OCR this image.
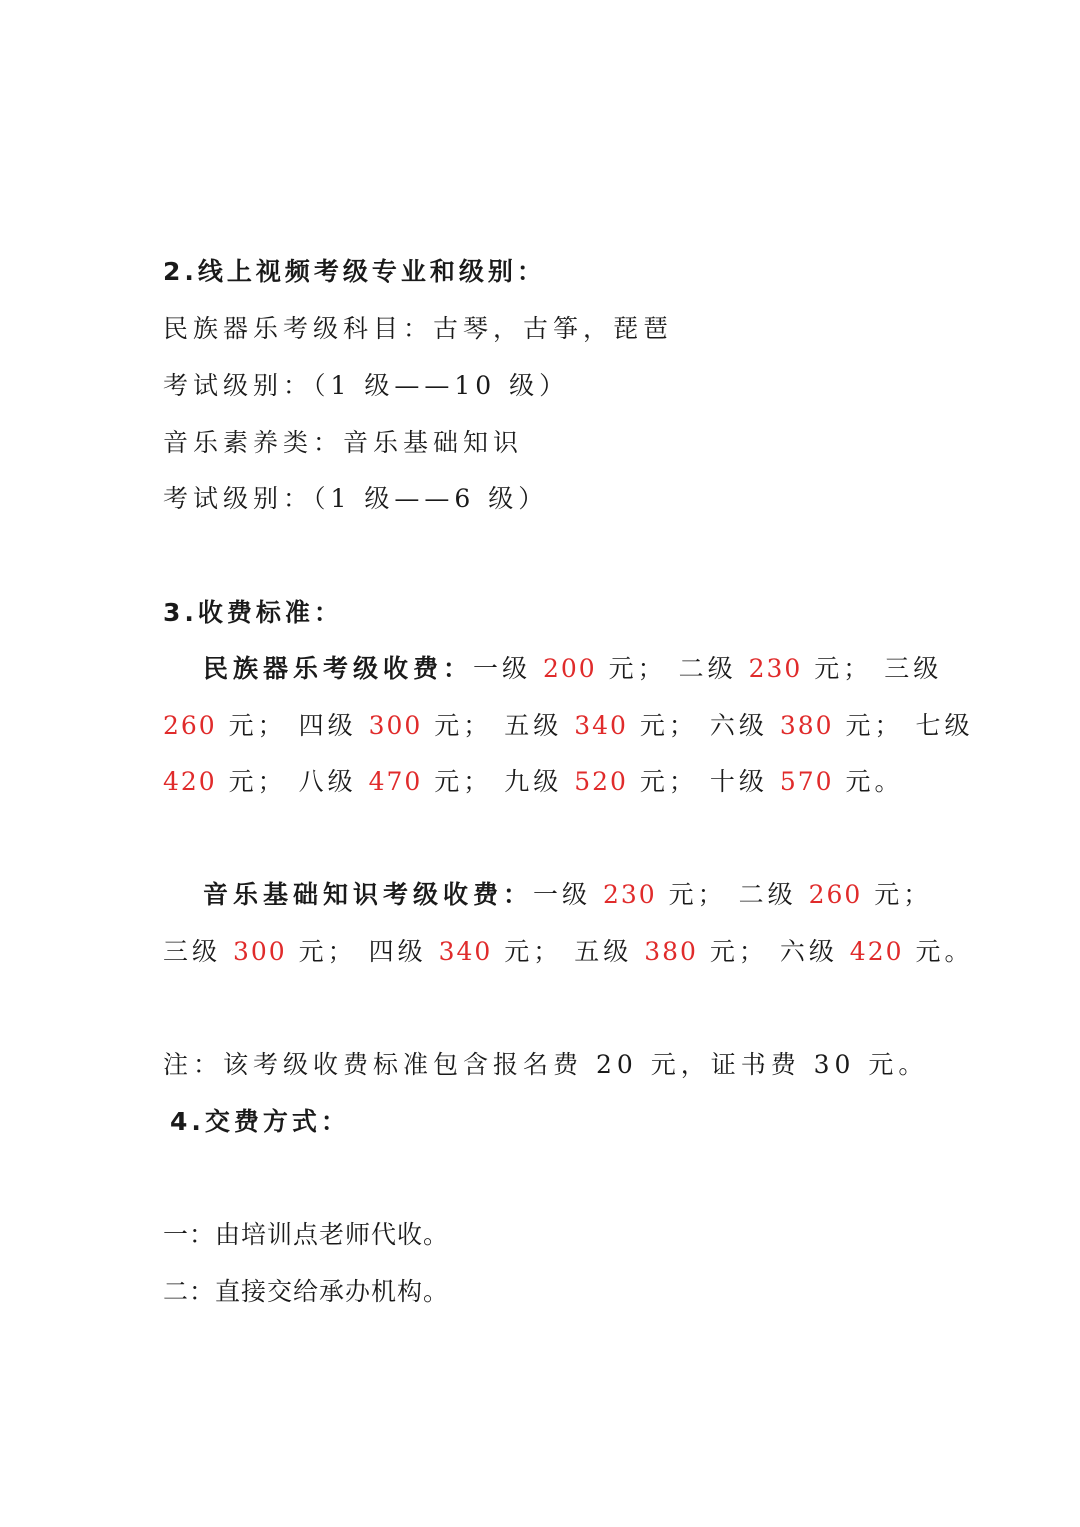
2.线上视频考级专业和级别：
民族器乐考级科目：古琴，古筝，琵琶
考试级别：（1 级——10 级）
音乐素养类：音乐基础知识
考试级别：（1 级——6 级）
3.收费标准：
民族器乐考级收费：一级 200 元； 二级 230 元； 三级
260 元； 四级 300 元； 五级 340 元； 六级 380 元； 七级
420 元； 八级 470 元； 九级 520 元； 十级 570 元。
音乐基础知识考级收费：一级 230 元； 二级 260 元；
三级 300 元； 四级 340 元； 五级 380 元； 六级 420 元。
注：该考级收费标准包含报名费 20 元，证书费 30 元。
4.交费方式：
一：由培训点老师代收。
二：直接交给承办机构。
